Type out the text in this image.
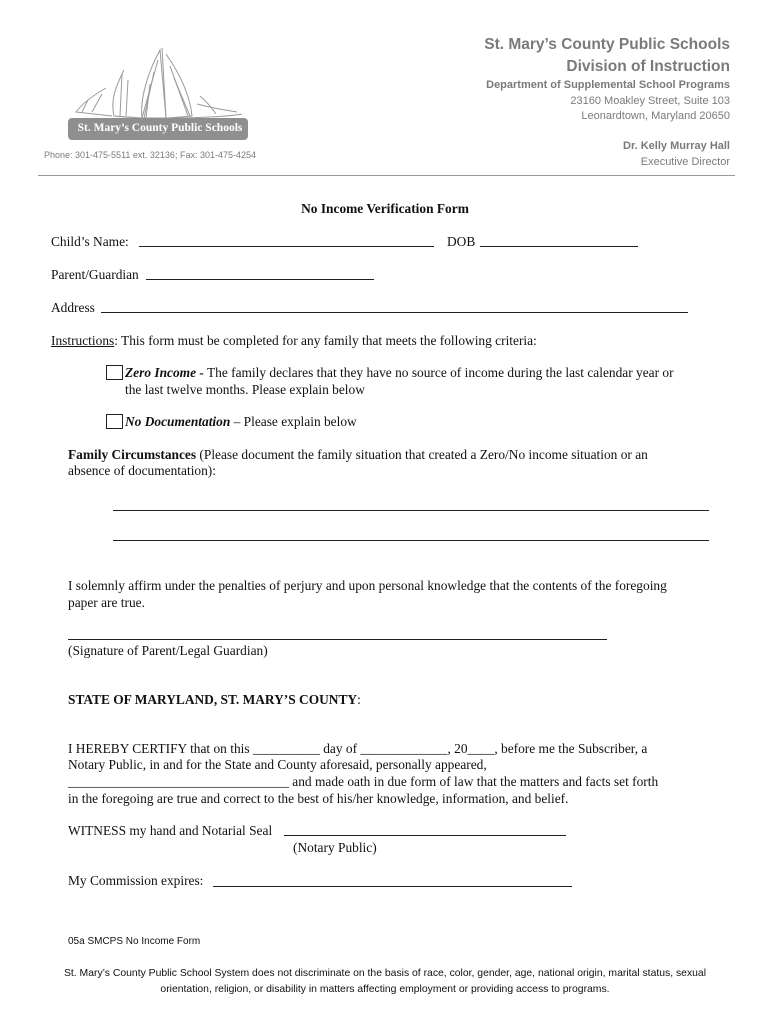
St. Mary’s County Public Schools
St. Mary’s County Public Schools
Division of Instruction
Department of Supplemental School Programs
23160 Moakley Street, Suite 103
Leonardtown, Maryland 20650
Dr. Kelly Murray Hall
Executive Director
Phone: 301-475-5511 ext. 32136; Fax: 301-475-4254
No Income Verification Form
Child’s Name:	DOB
Parent/Guardian
Address
Instructions: This form must be completed for any family that meets the following criteria:
Zero Income - The family declares that they have no source of income during the last calendar year or
the last twelve months. Please explain below
No Documentation – Please explain below
Family Circumstances (Please document the family situation that created a Zero/No income situation or an
absence of documentation):
I solemnly affirm under the penalties of perjury and upon personal knowledge that the contents of the foregoing
paper are true.
(Signature of Parent/Legal Guardian)
STATE OF MARYLAND, ST. MARY’S COUNTY:
I HEREBY CERTIFY that on this __________ day of _____________, 20____, before me the Subscriber, a
Notary Public, in and for the State and County aforesaid, personally appeared,
_________________________________ and made oath in due form of law that the matters and facts set forth
in the foregoing are true and correct to the best of his/her knowledge, information, and belief.
WITNESS my hand and Notarial Seal
(Notary Public)
My Commission expires:
05a SMCPS No Income Form
St. Mary’s County Public School System does not discriminate on the basis of race, color, gender, age, national origin, marital status, sexual
orientation, religion, or disability in matters affecting employment or providing access to programs.
